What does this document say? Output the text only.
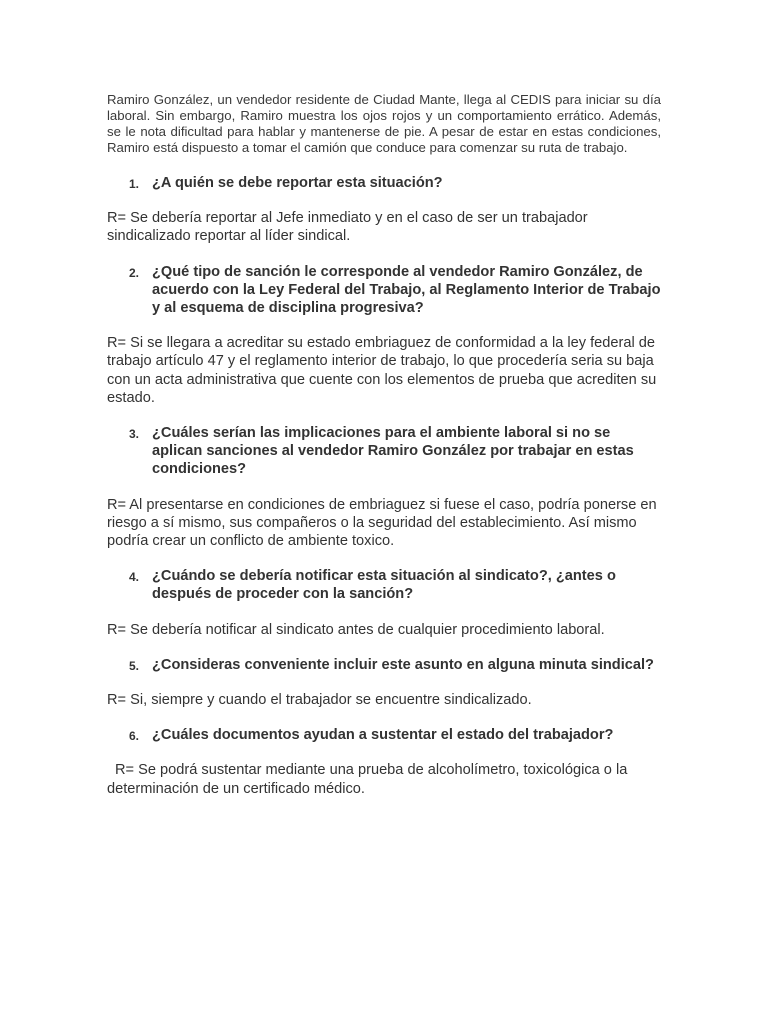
Ramiro González, un vendedor residente de Ciudad Mante, llega al CEDIS para iniciar su día laboral. Sin embargo, Ramiro muestra los ojos rojos y un comportamiento errático. Además, se le nota dificultad para hablar y mantenerse de pie. A pesar de estar en estas condiciones, Ramiro está dispuesto a tomar el camión que conduce para comenzar su ruta de trabajo.

1. ¿A quién se debe reportar esta situación?

R= Se debería reportar al Jefe inmediato y en el caso de ser un trabajador sindicalizado reportar al líder sindical.

2. ¿Qué tipo de sanción le corresponde al vendedor Ramiro González, de acuerdo con la Ley Federal del Trabajo, al Reglamento Interior de Trabajo y al esquema de disciplina progresiva?

R= Si se llegara a acreditar su estado embriaguez de conformidad a la ley federal de trabajo artículo 47 y el reglamento interior de trabajo, lo que procedería seria su baja con un acta administrativa que cuente con los elementos de prueba que acrediten su estado.

3. ¿Cuáles serían las implicaciones para el ambiente laboral si no se aplican sanciones al vendedor Ramiro González por trabajar en estas condiciones?

R= Al presentarse en condiciones de embriaguez si fuese el caso, podría ponerse en riesgo a sí mismo, sus compañeros o la seguridad del establecimiento. Así mismo podría crear un conflicto de ambiente toxico.

4. ¿Cuándo se debería notificar esta situación al sindicato?, ¿antes o después de proceder con la sanción?

R= Se debería notificar al sindicato antes de cualquier procedimiento laboral.

5. ¿Consideras conveniente incluir este asunto en alguna minuta sindical?

R= Si, siempre y cuando el trabajador se encuentre sindicalizado.

6. ¿Cuáles documentos ayudan a sustentar el estado del trabajador?

R= Se podrá sustentar mediante una prueba de alcoholímetro, toxicológica o la determinación de un certificado médico.
